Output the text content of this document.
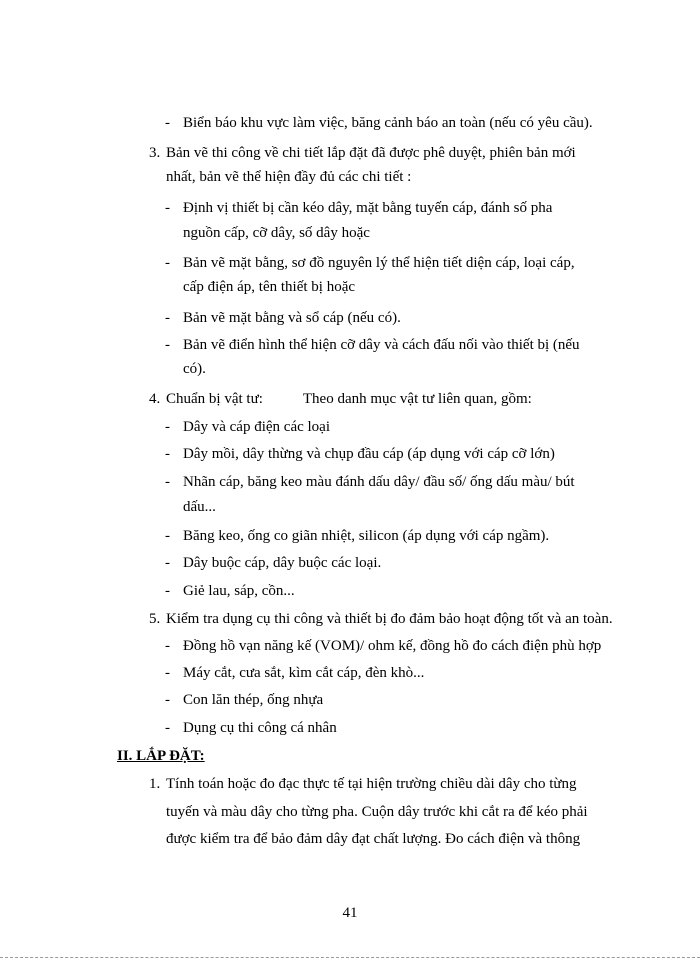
- Biển báo khu vực làm việc, băng cảnh báo an toàn (nếu có yêu cầu).
3. Bản vẽ thi công về chi tiết lắp đặt đã được phê duyệt, phiên bản mới
nhất, bản vẽ thể hiện đầy đủ các chi tiết :
- Định vị thiết bị cần kéo dây, mặt bằng tuyến cáp, đánh số pha
nguồn cấp, cỡ dây, số dây hoặc
- Bản vẽ mặt bằng, sơ đồ nguyên lý thể hiện tiết diện cáp, loại cáp,
cấp điện áp, tên thiết bị hoặc
- Bản vẽ mặt bằng và sổ cáp (nếu có).
- Bản vẽ điển hình thể hiện cỡ dây và cách đấu nối vào thiết bị (nếu
có).
4. Chuẩn bị vật tư:	Theo danh mục vật tư liên quan, gồm:
- Dây và cáp điện các loại
- Dây mồi, dây thừng và chụp đầu cáp (áp dụng với cáp cỡ lớn)
- Nhãn cáp, băng keo màu đánh dấu dây/ đầu số/ ống dấu màu/ bút
dấu...
- Băng keo, ống co giãn nhiệt, silicon (áp dụng với cáp ngầm).
- Dây buộc cáp, dây buộc các loại.
- Giẻ lau, sáp, cồn...
5. Kiểm tra dụng cụ thi công và thiết bị đo đảm bảo hoạt động tốt và an toàn.
- Đồng hồ vạn năng kế (VOM)/ ohm kế, đồng hồ đo cách điện phù hợp
- Máy cắt, cưa sắt, kìm cắt cáp, đèn khò...
- Con lăn thép, ống nhựa
- Dụng cụ thi công cá nhân
II. LẮP ĐẶT:
1. Tính toán hoặc đo đạc thực tế tại hiện trường chiều dài dây cho từng
tuyến và màu dây cho từng pha. Cuộn dây trước khi cắt ra để kéo phải
được kiểm tra để bảo đảm dây đạt chất lượng. Đo cách điện và thông
41
